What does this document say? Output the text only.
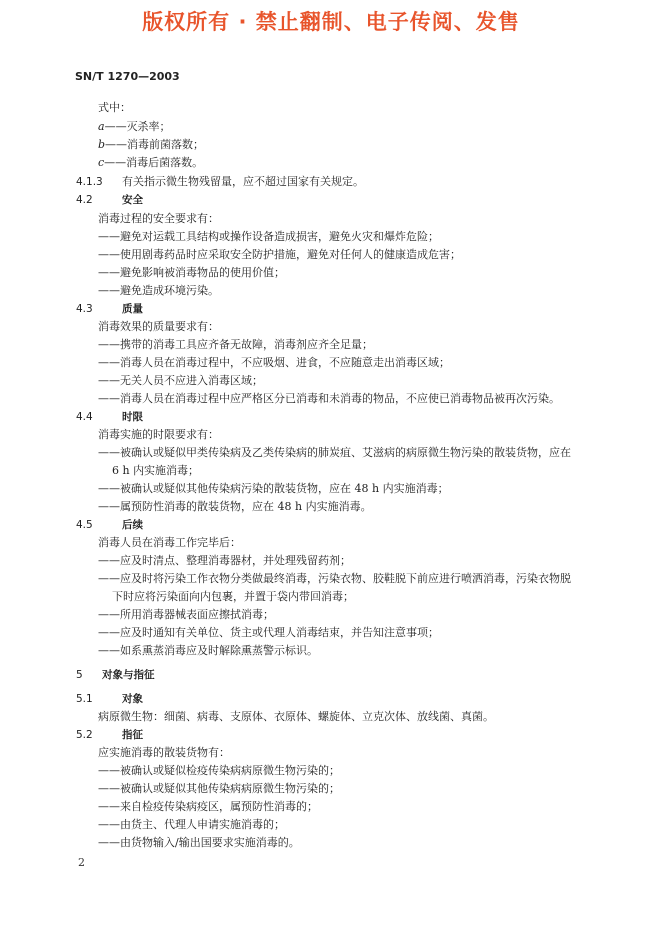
版权所有 · 禁止翻制、电子传阅、发售
SN/T 1270—2003
式中：
a——灭杀率；
b——消毒前菌落数；
c——消毒后菌落数。
4.1.3 有关指示微生物残留量，应不超过国家有关规定。
4.2	安全
消毒过程的安全要求有：
——避免对运载工具结构或操作设备造成损害，避免火灾和爆炸危险；
——使用剧毒药品时应采取安全防护措施，避免对任何人的健康造成危害；
——避免影响被消毒物品的使用价值；
——避免造成环境污染。
4.3	质量
消毒效果的质量要求有：
——携带的消毒工具应齐备无故障，消毒剂应齐全足量；
——消毒人员在消毒过程中，不应吸烟、进食，不应随意走出消毒区域；
——无关人员不应进入消毒区域；
——消毒人员在消毒过程中应严格区分已消毒和未消毒的物品，不应使已消毒物品被再次污染。
4.4	时限
消毒实施的时限要求有：
——被确认或疑似甲类传染病及乙类传染病的肺炭疽、艾滋病的病原微生物污染的散装货物，应在
6 h 内实施消毒；
——被确认或疑似其他传染病污染的散装货物，应在 48 h 内实施消毒；
——属预防性消毒的散装货物，应在 48 h 内实施消毒。
4.5	后续
消毒人员在消毒工作完毕后：
——应及时清点、整理消毒器材，并处理残留药剂；
——应及时将污染工作衣物分类做最终消毒，污染衣物、胶鞋脱下前应进行喷洒消毒，污染衣物脱
下时应将污染面向内包裹，并置于袋内带回消毒；
——所用消毒器械表面应擦拭消毒；
——应及时通知有关单位、货主或代理人消毒结束，并告知注意事项；
——如系熏蒸消毒应及时解除熏蒸警示标识。
5 对象与指征
5.1	对象
病原微生物：细菌、病毒、支原体、衣原体、螺旋体、立克次体、放线菌、真菌。
5.2	指征
应实施消毒的散装货物有：
——被确认或疑似检疫传染病病原微生物污染的；
——被确认或疑似其他传染病病原微生物污染的；
——来自检疫传染病疫区，属预防性消毒的；
——由货主、代理人申请实施消毒的；
——由货物输入/输出国要求实施消毒的。
2
